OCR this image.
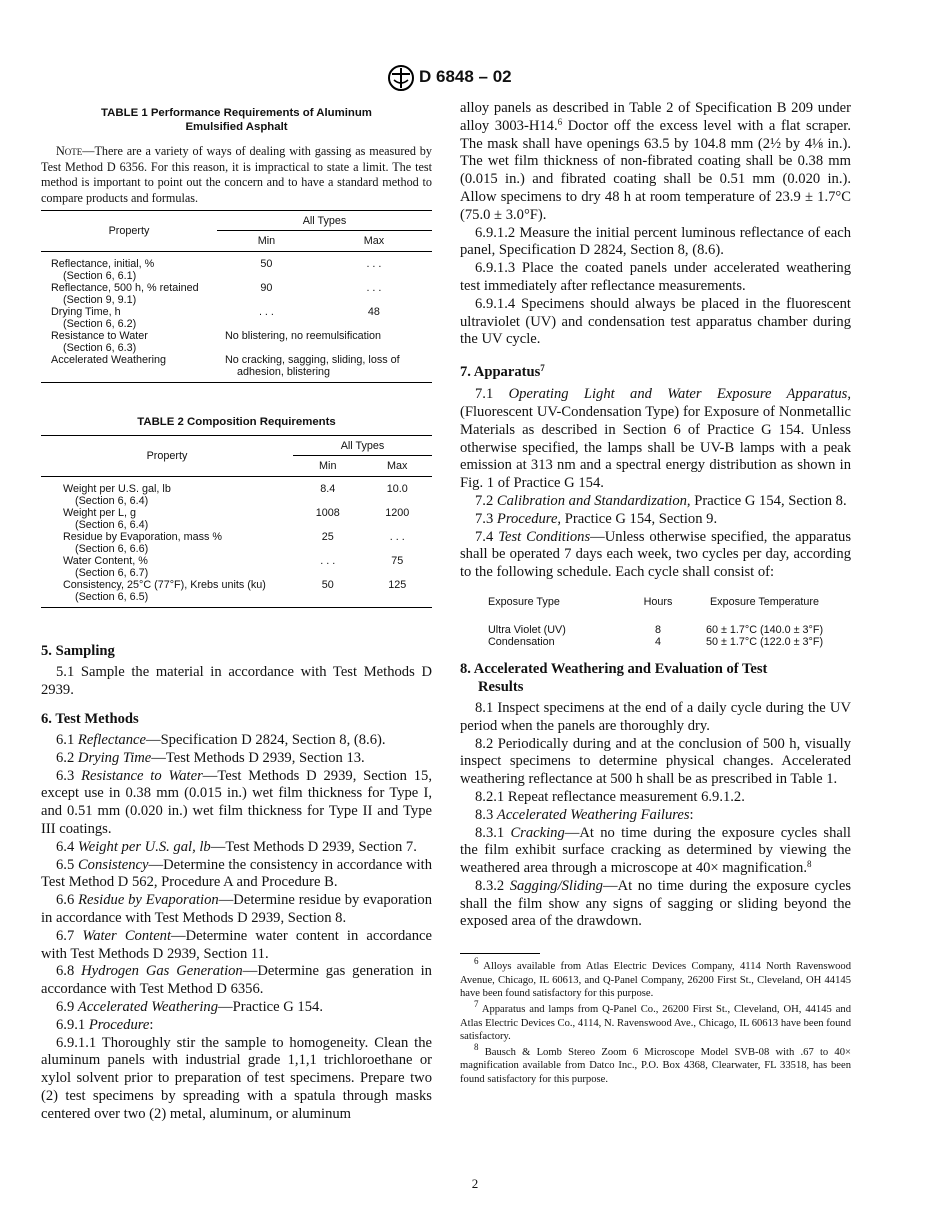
D 6848 – 02
TABLE 1 Performance Requirements of Aluminum
Emulsified Asphalt

Note—There are a variety of ways of dealing with gassing as measured by Test Method D 6356. For this reason, it is impractical to state a limit. The test method is important to point out the concern and to have a standard method to compare products and formulas.

Property	All Types	
	Min	Max

Reflectance, initial, %
(Section 6, 6.1)	50	. . .
Reflectance, 500 h, % retained
(Section 9, 9.1)	90	. . .
Drying Time, h
(Section 6, 6.2)	. . .	48
Resistance to Water
(Section 6, 6.3)	No blistering, no reemulsification	
Accelerated Weathering	No cracking, sagging, sliding, loss of
adhesion, blistering	
TABLE 2 Composition Requirements
Property	All Types	
	Min	Max

Weight per U.S. gal, lb
(Section 6, 6.4)	8.4	10.0
Weight per L, g
(Section 6, 6.4)	1008	1200
Residue by Evaporation, mass %
(Section 6, 6.6)	25	. . .
Water Content, %
(Section 6, 6.7)	. . .	75
Consistency, 25°C (77°F), Krebs units (ku)
(Section 6, 6.5)	50	125
5. Sampling

5.1 Sample the material in accordance with Test Methods D 2939.

6. Test Methods

6.1 Reflectance—Specification D 2824, Section 8, (8.6).

6.2 Drying Time—Test Methods D 2939, Section 13.

6.3 Resistance to Water—Test Methods D 2939, Section 15, except use in 0.38 mm (0.015 in.) wet film thickness for Type I, and 0.51 mm (0.020 in.) wet film thickness for Type II and Type III coatings.

6.4 Weight per U.S. gal, lb—Test Methods D 2939, Section 7.

6.5 Consistency—Determine the consistency in accordance with Test Method D 562, Procedure A and Procedure B.

6.6 Residue by Evaporation—Determine residue by evaporation in accordance with Test Methods D 2939, Section 8.

6.7 Water Content—Determine water content in accordance with Test Methods D 2939, Section 11.

6.8 Hydrogen Gas Generation—Determine gas generation in accordance with Test Method D 6356.

6.9 Accelerated Weathering—Practice G 154.

6.9.1 Procedure:

6.9.1.1 Thoroughly stir the sample to homogeneity. Clean the aluminum panels with industrial grade 1,1,1 trichloroethane or xylol solvent prior to preparation of test specimens. Prepare two (2) test specimens by spreading with a spatula through masks centered over two (2) metal, aluminum, or aluminum

alloy panels as described in Table 2 of Specification B 209 under alloy 3003-H14.$^6$ Doctor off the excess level with a flat scraper. The mask shall have openings 63.5 by 104.8 mm (2½ by 4⅛ in.). The wet film thickness of non-fibrated coating shall be 0.38 mm (0.015 in.) and fibrated coating shall be 0.51 mm (0.020 in.). Allow specimens to dry 48 h at room temperature of 23.9 ± 1.7°C (75.0 ± 3.0°F).

6.9.1.2 Measure the initial percent luminous reflectance of each panel, Specification D 2824, Section 8, (8.6).

6.9.1.3 Place the coated panels under accelerated weathering test immediately after reflectance measurements.

6.9.1.4 Specimens should always be placed in the fluorescent ultraviolet (UV) and condensation test apparatus chamber during the UV cycle.

7. Apparatus$^7$

7.1 Operating Light and Water Exposure Apparatus, (Fluorescent UV-Condensation Type) for Exposure of Nonmetallic Materials as described in Section 6 of Practice G 154. Unless otherwise specified, the lamps shall be UV-B lamps with a peak emission at 313 nm and a spectral energy distribution as shown in Fig. 1 of Practice G 154.

7.2 Calibration and Standardization, Practice G 154, Section 8.

7.3 Procedure, Practice G 154, Section 9.

7.4 Test Conditions—Unless otherwise specified, the apparatus shall be operated 7 days each week, two cycles per day, according to the following schedule. Each cycle shall consist of:

Exposure Type	Hours	Exposure Temperature
Ultra Violet (UV)	8	60 ± 1.7°C (140.0 ± 3°F)
Condensation	4	50 ± 1.7°C (122.0 ± 3°F)
8. Accelerated Weathering and Evaluation of Test
Results

8.1 Inspect specimens at the end of a daily cycle during the UV period when the panels are thoroughly dry.

8.2 Periodically during and at the conclusion of 500 h, visually inspect specimens to determine physical changes. Accelerated weathering reflectance at 500 h shall be as prescribed in Table 1.

8.2.1 Repeat reflectance measurement 6.9.1.2.

8.3 Accelerated Weathering Failures:

8.3.1 Cracking—At no time during the exposure cycles shall the film exhibit surface cracking as determined by viewing the weathered area through a microscope at 40× magnification.$^8$

8.3.2 Sagging/Sliding—At no time during the exposure cycles shall the film show any signs of sagging or sliding beyond the exposed area of the drawdown.

$^6$ Alloys available from Atlas Electric Devices Company, 4114 North Ravenswood Avenue, Chicago, IL 60613, and Q-Panel Company, 26200 First St., Cleveland, OH 44145 have been found satisfactory for this purpose.

$^7$ Apparatus and lamps from Q-Panel Co., 26200 First St., Cleveland, OH, 44145 and Atlas Electric Devices Co., 4114, N. Ravenswood Ave., Chicago, IL 60613 have been found satisfactory.

$^8$ Bausch & Lomb Stereo Zoom 6 Microscope Model SVB-08 with .67 to 40× magnification available from Datco Inc., P.O. Box 4368, Clearwater, FL 33518, has been found satisfactory for this purpose.

2
